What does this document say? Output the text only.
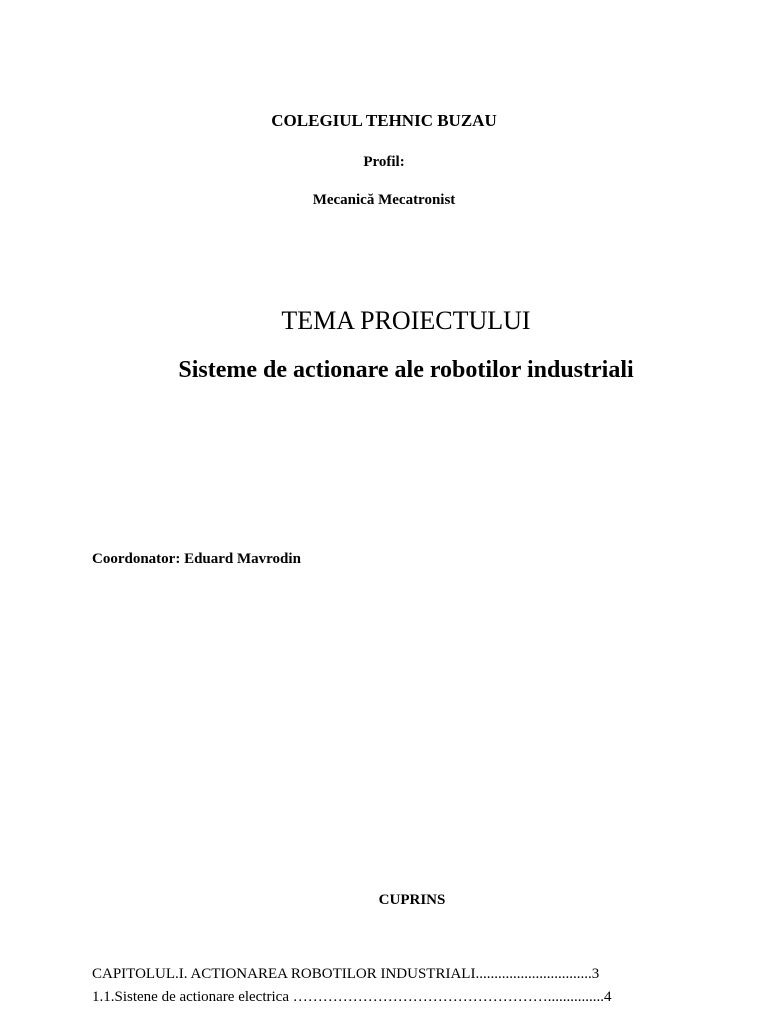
COLEGIUL TEHNIC BUZAU
Profil:
Mecanică Mecatronist
TEMA PROIECTULUI
Sisteme de actionare ale robotilor industriali
Coordonator: Eduard Mavrodin
CUPRINS
CAPITOLUL.I. ACTIONAREA ROBOTILOR INDUSTRIALI...............................3
1.1.Sistene de actionare electrica ……………………………………………...............4
